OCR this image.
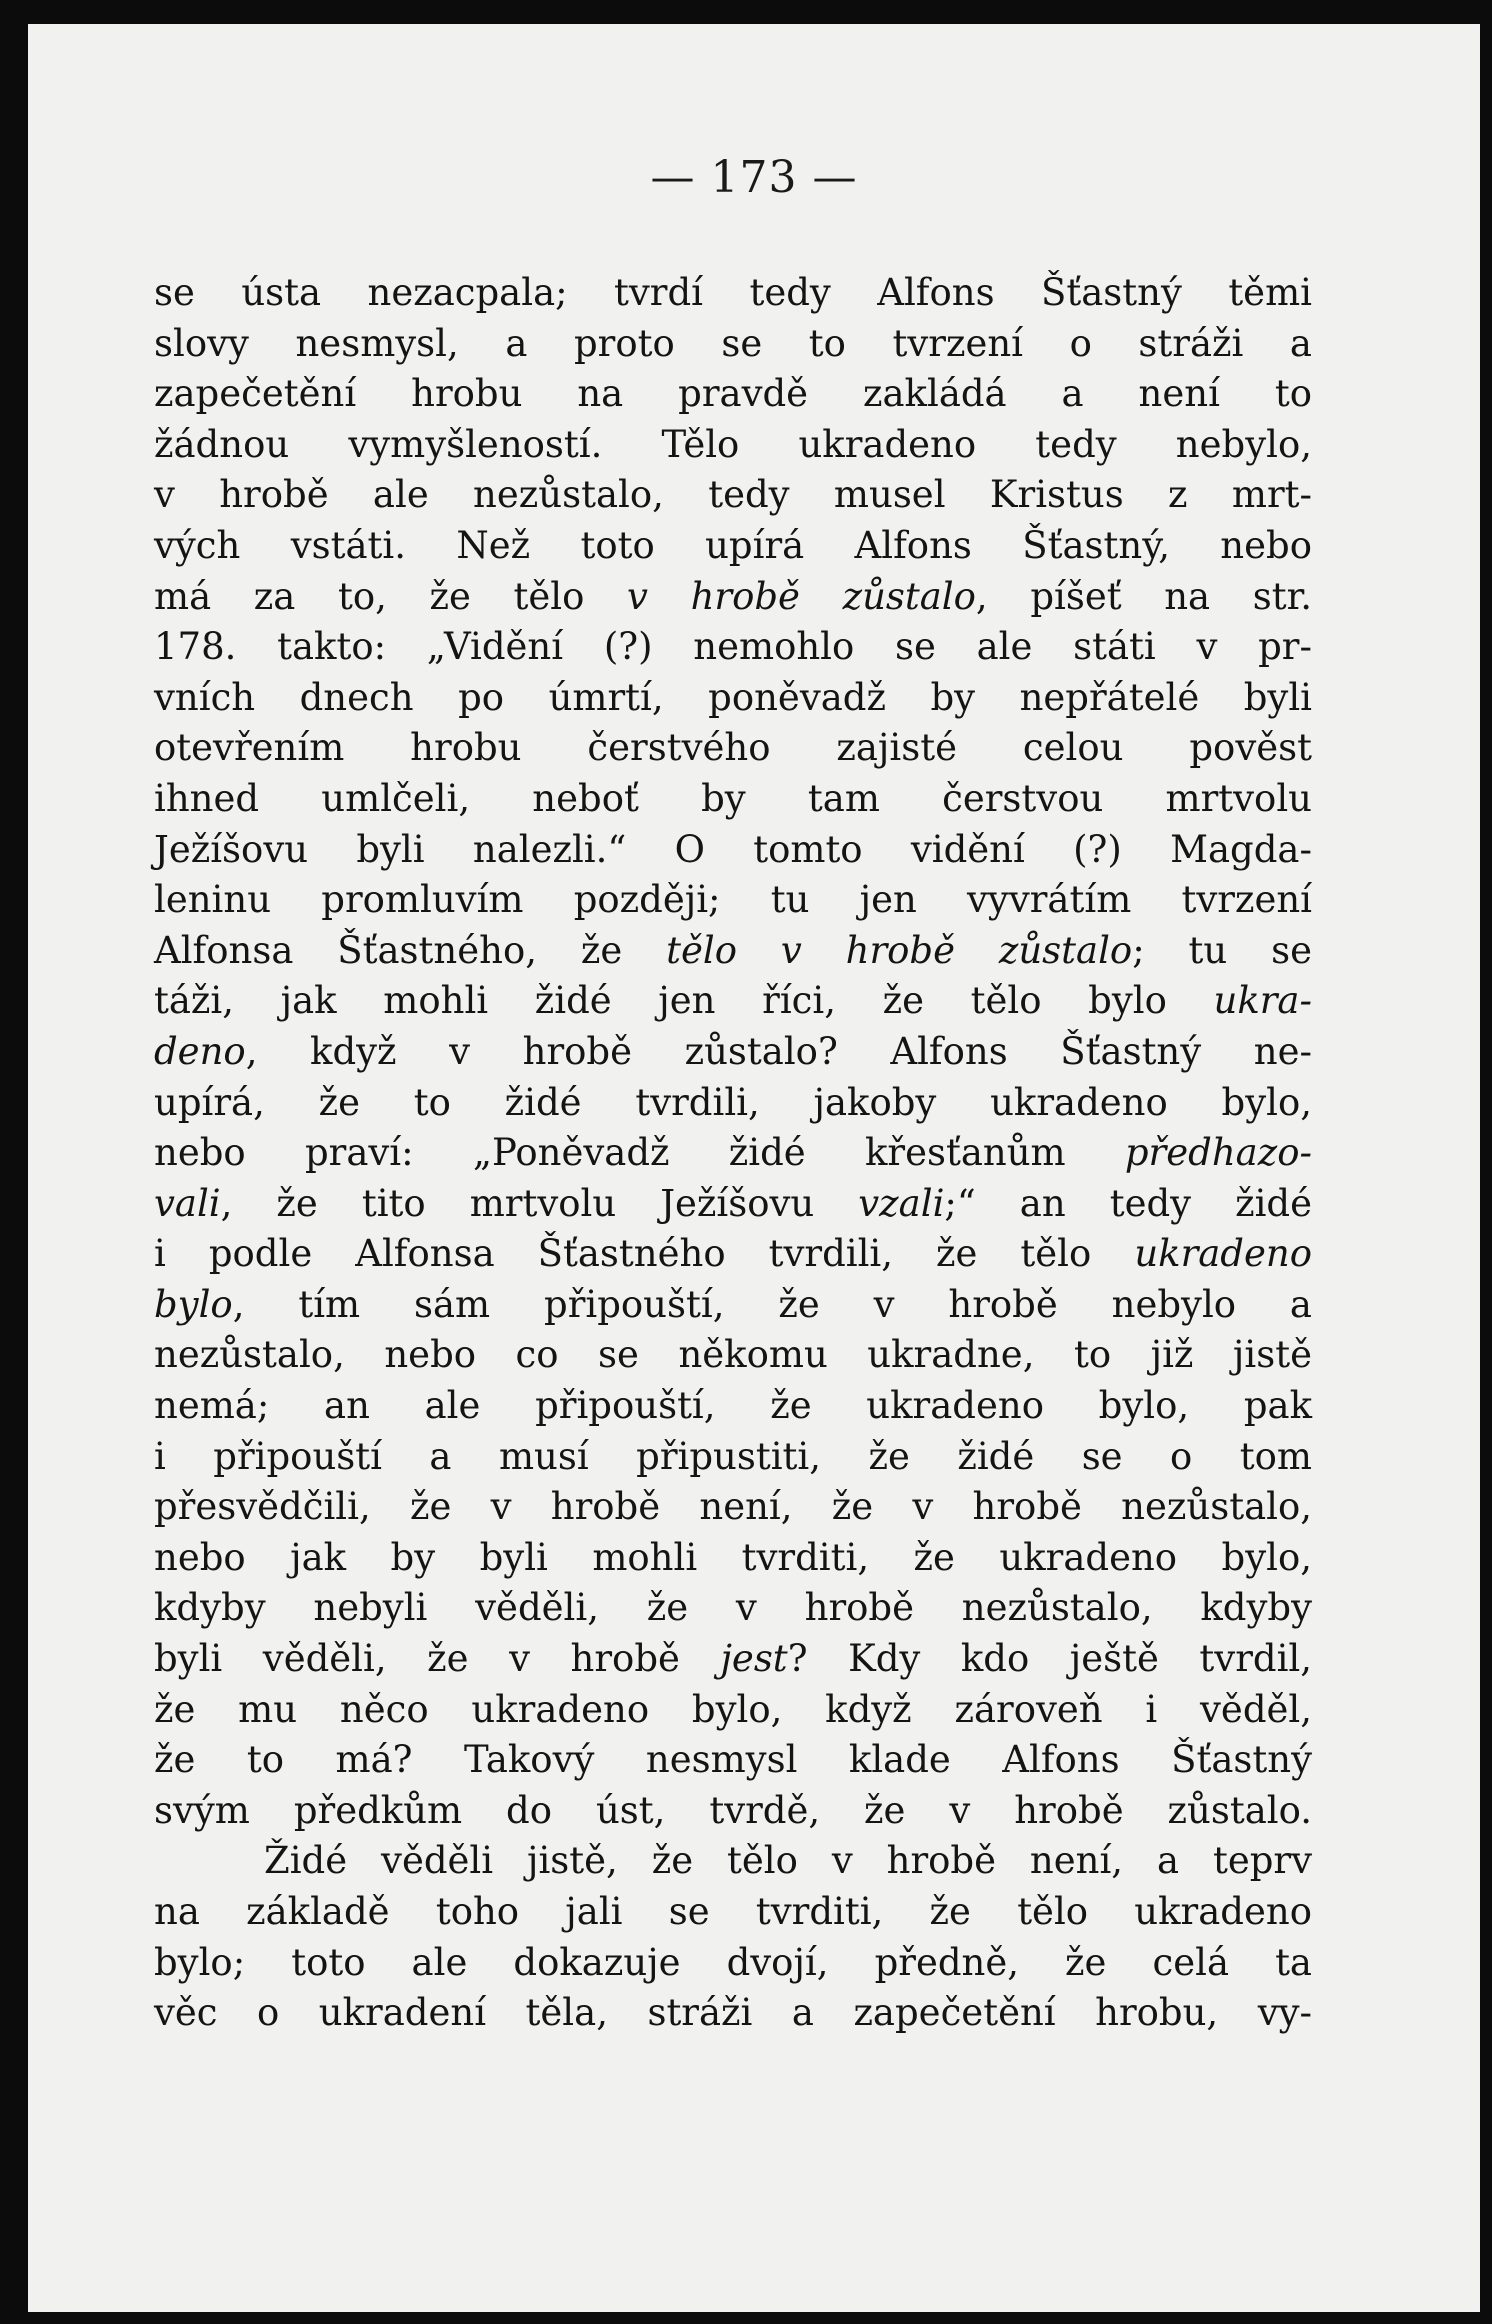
— 173 —
se ústa nezacpala; tvrdí tedy Alfons Šťastný těmi
slovy nesmysl, a proto se to tvrzení o stráži a
zapečetění hrobu na pravdě zakládá a není to
žádnou vymyšleností. Tělo ukradeno tedy nebylo,
v hrobě ale nezůstalo, tedy musel Kristus z mrt-
vých vstáti. Než toto upírá Alfons Šťastný, nebo
má za to, že tělo v hrobě zůstalo, píšeť na str.
178. takto: „Vidění (?) nemohlo se ale státi v pr-
vních dnech po úmrtí, poněvadž by nepřátelé byli
otevřením hrobu čerstvého zajisté celou pověst
ihned umlčeli, neboť by tam čerstvou mrtvolu
Ježíšovu byli nalezli.“ O tomto vidění (?) Magda-
leninu promluvím později; tu jen vyvrátím tvrzení
Alfonsa Šťastného, že tělo v hrobě zůstalo; tu se
táži, jak mohli židé jen říci, že tělo bylo ukra-
deno, když v hrobě zůstalo? Alfons Šťastný ne-
upírá, že to židé tvrdili, jakoby ukradeno bylo,
nebo praví: „Poněvadž židé křesťanům předhazo-
vali, že tito mrtvolu Ježíšovu vzali;“ an tedy židé
i podle Alfonsa Šťastného tvrdili, že tělo ukradeno
bylo, tím sám připouští, že v hrobě nebylo a
nezůstalo, nebo co se někomu ukradne, to již jistě
nemá; an ale připouští, že ukradeno bylo, pak
i připouští a musí připustiti, že židé se o tom
přesvědčili, že v hrobě není, že v hrobě nezůstalo,
nebo jak by byli mohli tvrditi, že ukradeno bylo,
kdyby nebyli věděli, že v hrobě nezůstalo, kdyby
byli věděli, že v hrobě jest? Kdy kdo ještě tvrdil,
že mu něco ukradeno bylo, když zároveň i věděl,
že to má? Takový nesmysl klade Alfons Šťastný
svým předkům do úst, tvrdě, že v hrobě zůstalo.
Židé věděli jistě, že tělo v hrobě není, a teprv
na základě toho jali se tvrditi, že tělo ukradeno
bylo; toto ale dokazuje dvojí, předně, že celá ta
věc o ukradení těla, stráži a zapečetění hrobu, vy-
